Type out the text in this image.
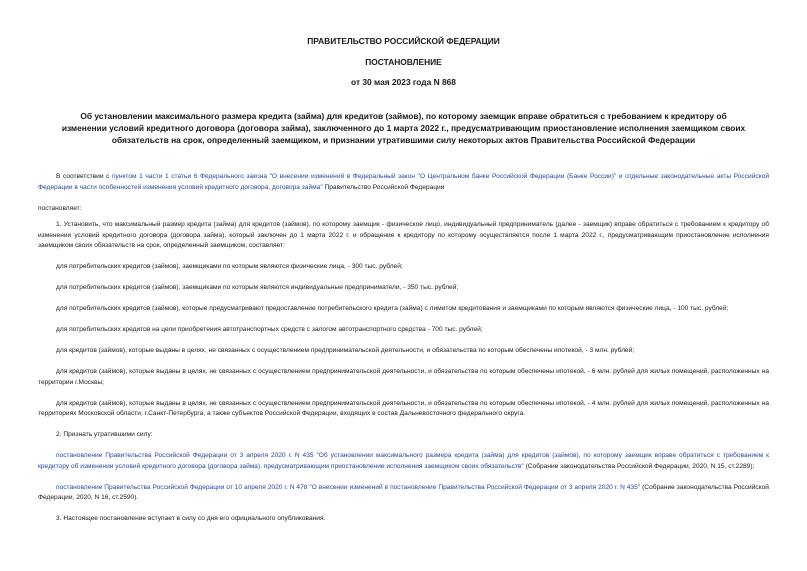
ПРАВИТЕЛЬСТВО РОССИЙСКОЙ ФЕДЕРАЦИИ

ПОСТАНОВЛЕНИЕ

от 30 мая 2023 года N 868

Об установлении максимального размера кредита (займа) для кредитов (займов), по которому заемщик вправе обратиться с требованием к кредитору об изменении условий кредитного договора (договора займа), заключенного до 1 марта 2022 г., предусматривающим приостановление исполнения заемщиком своих обязательств на срок, определенный заемщиком, и признании утратившими силу некоторых актов Правительства Российской Федерации

В соответствии с пунктом 1 части 1 статьи 6 Федерального закона "О внесении изменений в Федеральный закон "О Центральном банке Российской Федерации (Банке России)" и отдельные законодательные акты Российской Федерации в части особенностей изменения условий кредитного договора, договора займа" Правительство Российской Федерации

постановляет:

1. Установить, что максимальный размер кредита (займа) для кредитов (займов), по которому заемщик - физическое лицо, индивидуальный предприниматель (далее - заемщик) вправе обратиться с требованием к кредитору об изменении условий кредитного договора (договора займа), который заключен до 1 марта 2022 г. и обращение к кредитору по которому осуществляется после 1 марта 2022 г., предусматривающим приостановление исполнения заемщиком своих обязательств на срок, определенный заемщиком, составляет:

для потребительских кредитов (займов), заемщиками по которым являются физические лица, - 300 тыс. рублей;

для потребительских кредитов (займов), заемщиками по которым являются индивидуальные предприниматели, - 350 тыс. рублей;

для потребительских кредитов (займов), которые предусматривают предоставление потребительского кредита (займа) с лимитом кредитования и заемщиками по которым являются физические лица, - 100 тыс. рублей;

для потребительских кредитов на цели приобретения автотранспортных средств с залогом автотранспортного средства - 700 тыс. рублей;

для кредитов (займов), которые выданы в целях, не связанных с осуществлением предпринимательской деятельности, и обязательства по которым обеспечены ипотекой, - 3 млн. рублей;

для кредитов (займов), которые выданы в целях, не связанных с осуществлением предпринимательской деятельности, и обязательства по которым обеспечены ипотекой, - 6 млн. рублей для жилых помещений, расположенных на территории г.Москвы;

для кредитов (займов), которые выданы в целях, не связанных с осуществлением предпринимательской деятельности, и обязательства по которым обеспечены ипотекой, - 4 млн. рублей для жилых помещений, расположенных на территориях Московской области, г.Санкт-Петербурга, а также субъектов Российской Федерации, входящих в состав Дальневосточного федерального округа.

2. Признать утратившими силу:

постановление Правительства Российской Федерации от 3 апреля 2020 г. N 435 "Об установлении максимального размера кредита (займа) для кредитов (займов), по которому заемщик вправе обратиться с требованием к кредитору об изменении условий кредитного договора (договора займа), предусматривающим приостановление исполнения заемщиком своих обязательств" (Собрание законодательства Российской Федерации, 2020, N 15, ст.2289);

постановление Правительства Российской Федерации от 10 апреля 2020 г. N 478 "О внесении изменений в постановление Правительства Российской Федерации от 3 апреля 2020 г. N 435" (Собрание законодательства Российской Федерации, 2020, N 16, ст.2590).

3. Настоящее постановление вступает в силу со дня его официального опубликования.
